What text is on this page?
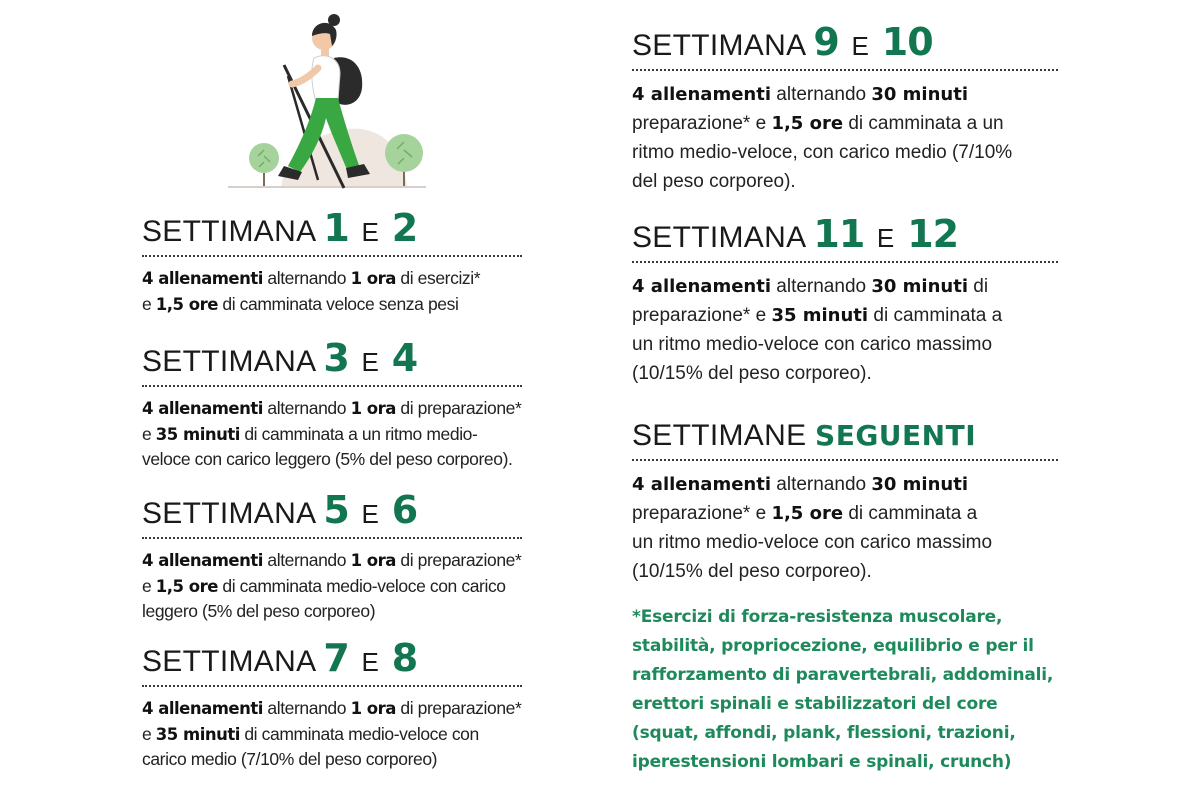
SETTIMANA 1 E 2
4 allenamenti alternando 1 ora di esercizi*
e 1,5 ore di camminata veloce senza pesi
SETTIMANA 3 E 4
4 allenamenti alternando 1 ora di preparazione*
e 35 minuti di camminata a un ritmo medio-
veloce con carico leggero (5% del peso corporeo).
SETTIMANA 5 E 6
4 allenamenti alternando 1 ora di preparazione*
e 1,5 ore di camminata medio-veloce con carico
leggero (5% del peso corporeo)
SETTIMANA 7 E 8
4 allenamenti alternando 1 ora di preparazione*
e 35 minuti di camminata medio-veloce con
carico medio (7/10% del peso corporeo)
SETTIMANA 9 E 10
4 allenamenti alternando 30 minuti
preparazione* e 1,5 ore di camminata a un
ritmo medio-veloce, con carico medio (7/10%
del peso corporeo).
SETTIMANA 11 E 12
4 allenamenti alternando 30 minuti di
preparazione* e 35 minuti di camminata a
un ritmo medio-veloce con carico massimo
(10/15% del peso corporeo).
SETTIMANE SEGUENTI
4 allenamenti alternando 30 minuti
preparazione* e 1,5 ore di camminata a
un ritmo medio-veloce con carico massimo
(10/15% del peso corporeo).
*Esercizi di forza-resistenza muscolare,
stabilità, propriocezione, equilibrio e per il
rafforzamento di paravertebrali, addominali,
erettori spinali e stabilizzatori del core
(squat, affondi, plank, flessioni, trazioni,
iperestensioni lombari e spinali, crunch)
